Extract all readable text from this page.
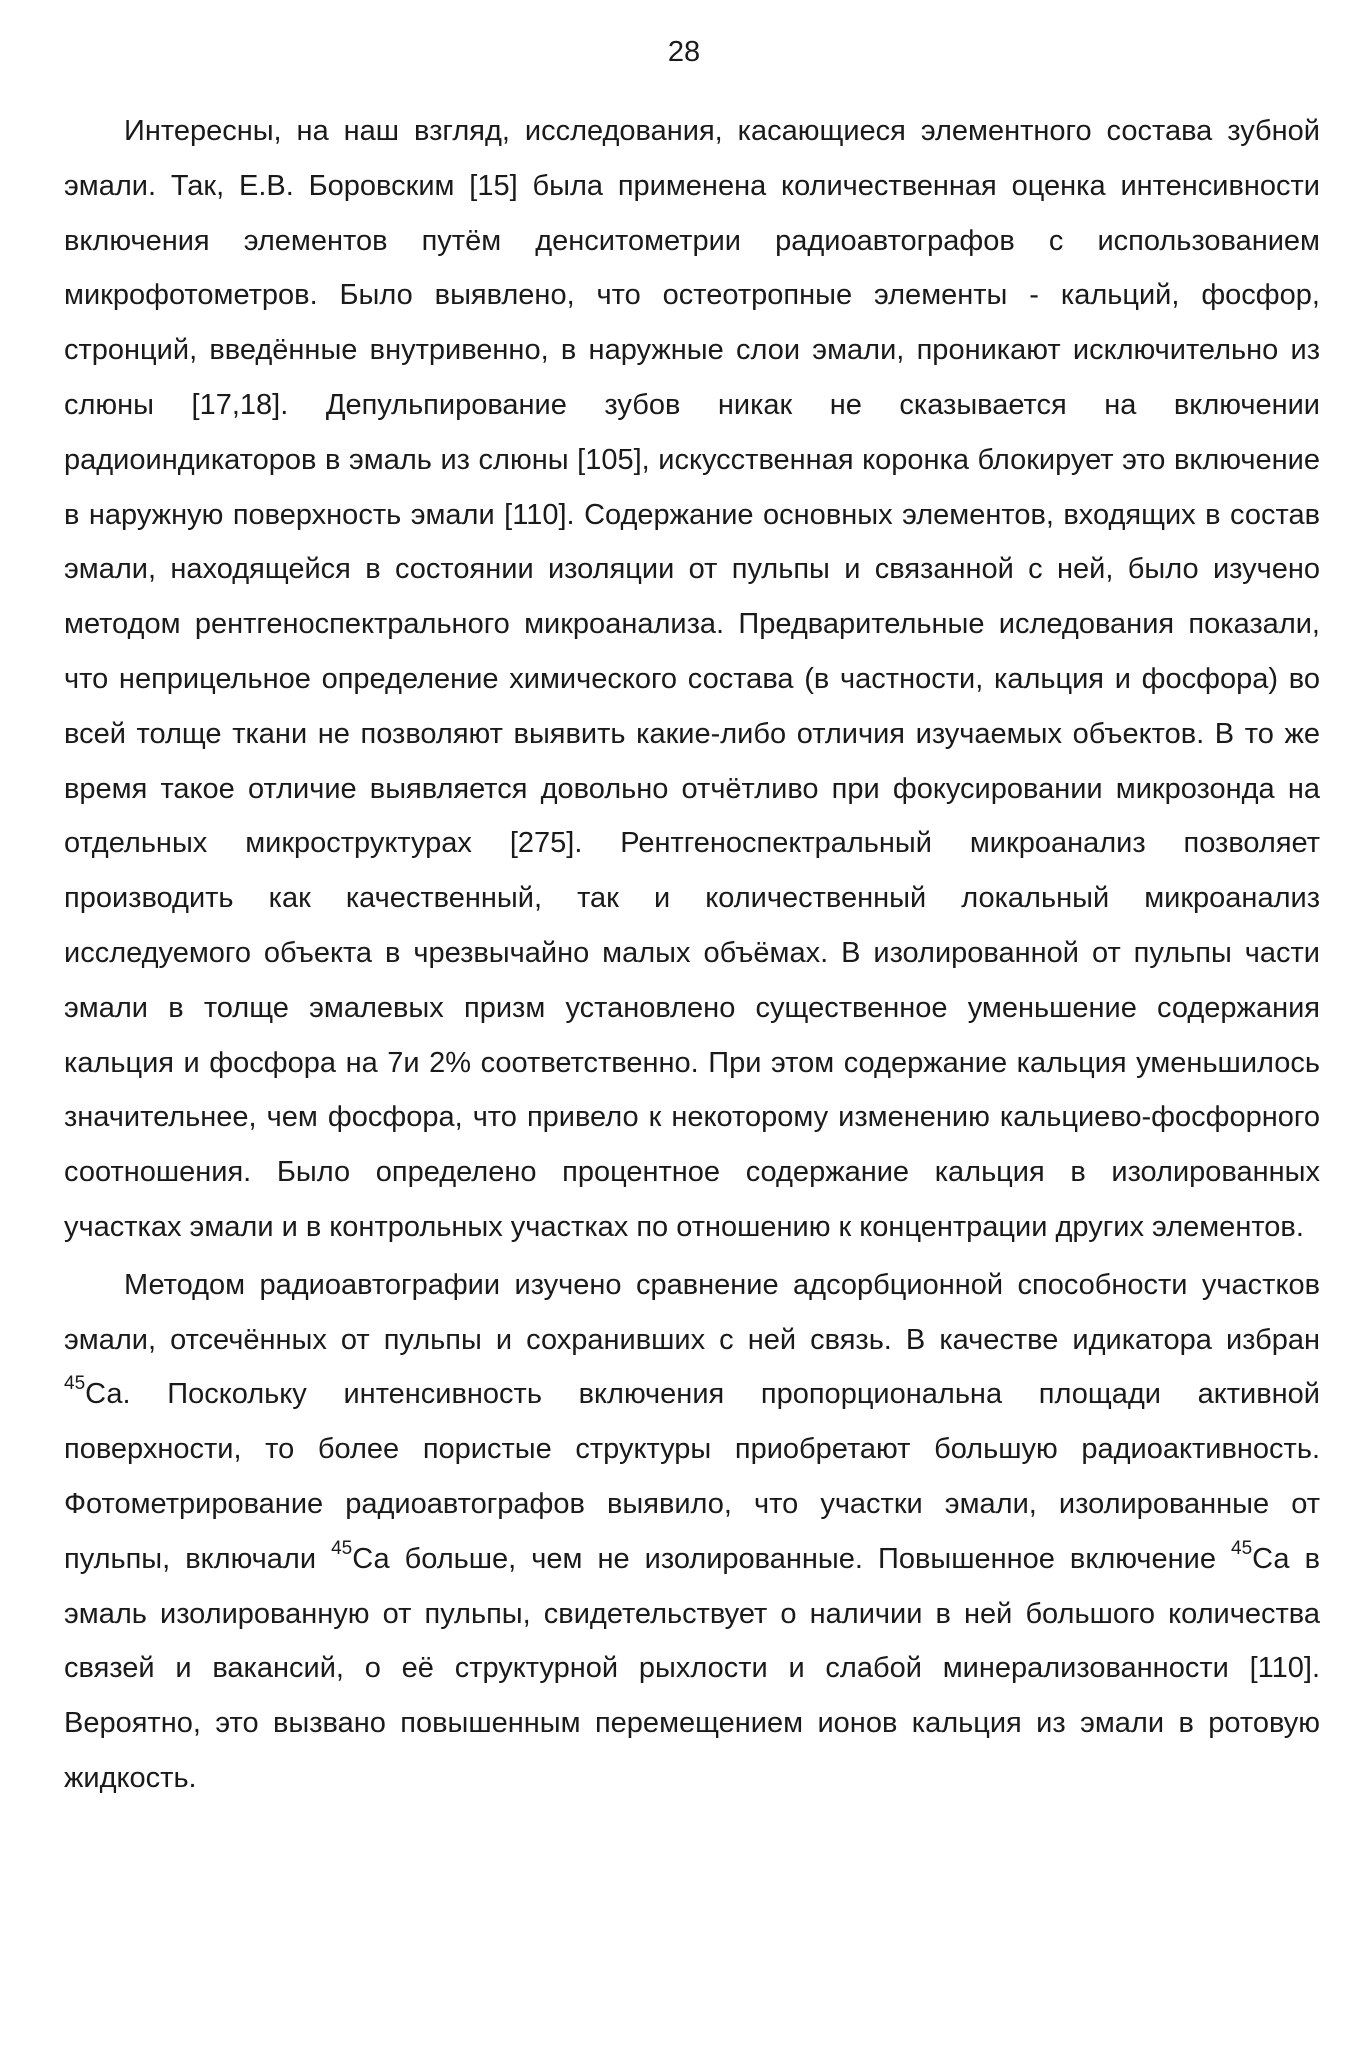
28

Интересны, на наш взгляд, исследования, касающиеся элементного состава зубной эмали. Так, Е.В. Боровским [15] была применена количественная оценка интенсивности включения элементов путём денситометрии радиоавтографов с использованием микрофотометров. Было выявлено, что остеотропные элементы - кальций, фосфор, стронций, введённые внутривенно, в наружные слои эмали, проникают исключительно из слюны [17,18]. Депульпирование зубов никак не сказывается на включении радиоиндикаторов в эмаль из слюны [105], искусственная коронка блокирует это включение в наружную поверхность эмали [110]. Содержание основных элементов, входящих в состав эмали, находящейся в состоянии изоляции от пульпы и связанной с ней, было изучено методом рентгеноспектрального микроанализа. Предварительные иследования показали, что неприцельное определение химического состава (в частности, кальция и фосфора) во всей толще ткани не позволяют выявить какие-либо отличия изучаемых объектов. В то же время такое отличие выявляется довольно отчётливо при фокусировании микрозонда на отдельных микроструктурах [275]. Рентгеноспектральный микроанализ позволяет производить как качественный, так и количественный локальный микроанализ исследуемого объекта в чрезвычайно малых объёмах. В изолированной от пульпы части эмали в толще эмалевых призм установлено существенное уменьшение содержания кальция и фосфора на 7и 2% соответственно. При этом содержание кальция уменьшилось значительнее, чем фосфора, что привело к некоторому изменению кальциево-фосфорного соотношения. Было определено процентное содержание кальция в изолированных участках эмали и в контрольных участках по отношению к концентрации других элементов.

Методом радиоавтографии изучено сравнение адсорбционной способности участков эмали, отсечённых от пульпы и сохранивших с ней связь. В качестве идикатора избран $^{45}$Са. Поскольку интенсивность включения пропорциональна площади активной поверхности, то более пористые структуры приобретают большую радиоактивность. Фотометрирование радиоавтографов выявило, что участки эмали, изолированные от пульпы, включали $^{45}$Са больше, чем не изолированные. Повышенное включение $^{45}$Са в эмаль изолированную от пульпы, свидетельствует о наличии в ней большого количества связей и вакансий, о её структурной рыхлости и слабой минерализованности [110]. Вероятно, это вызвано повышенным перемещением ионов кальция из эмали в ротовую жидкость.
